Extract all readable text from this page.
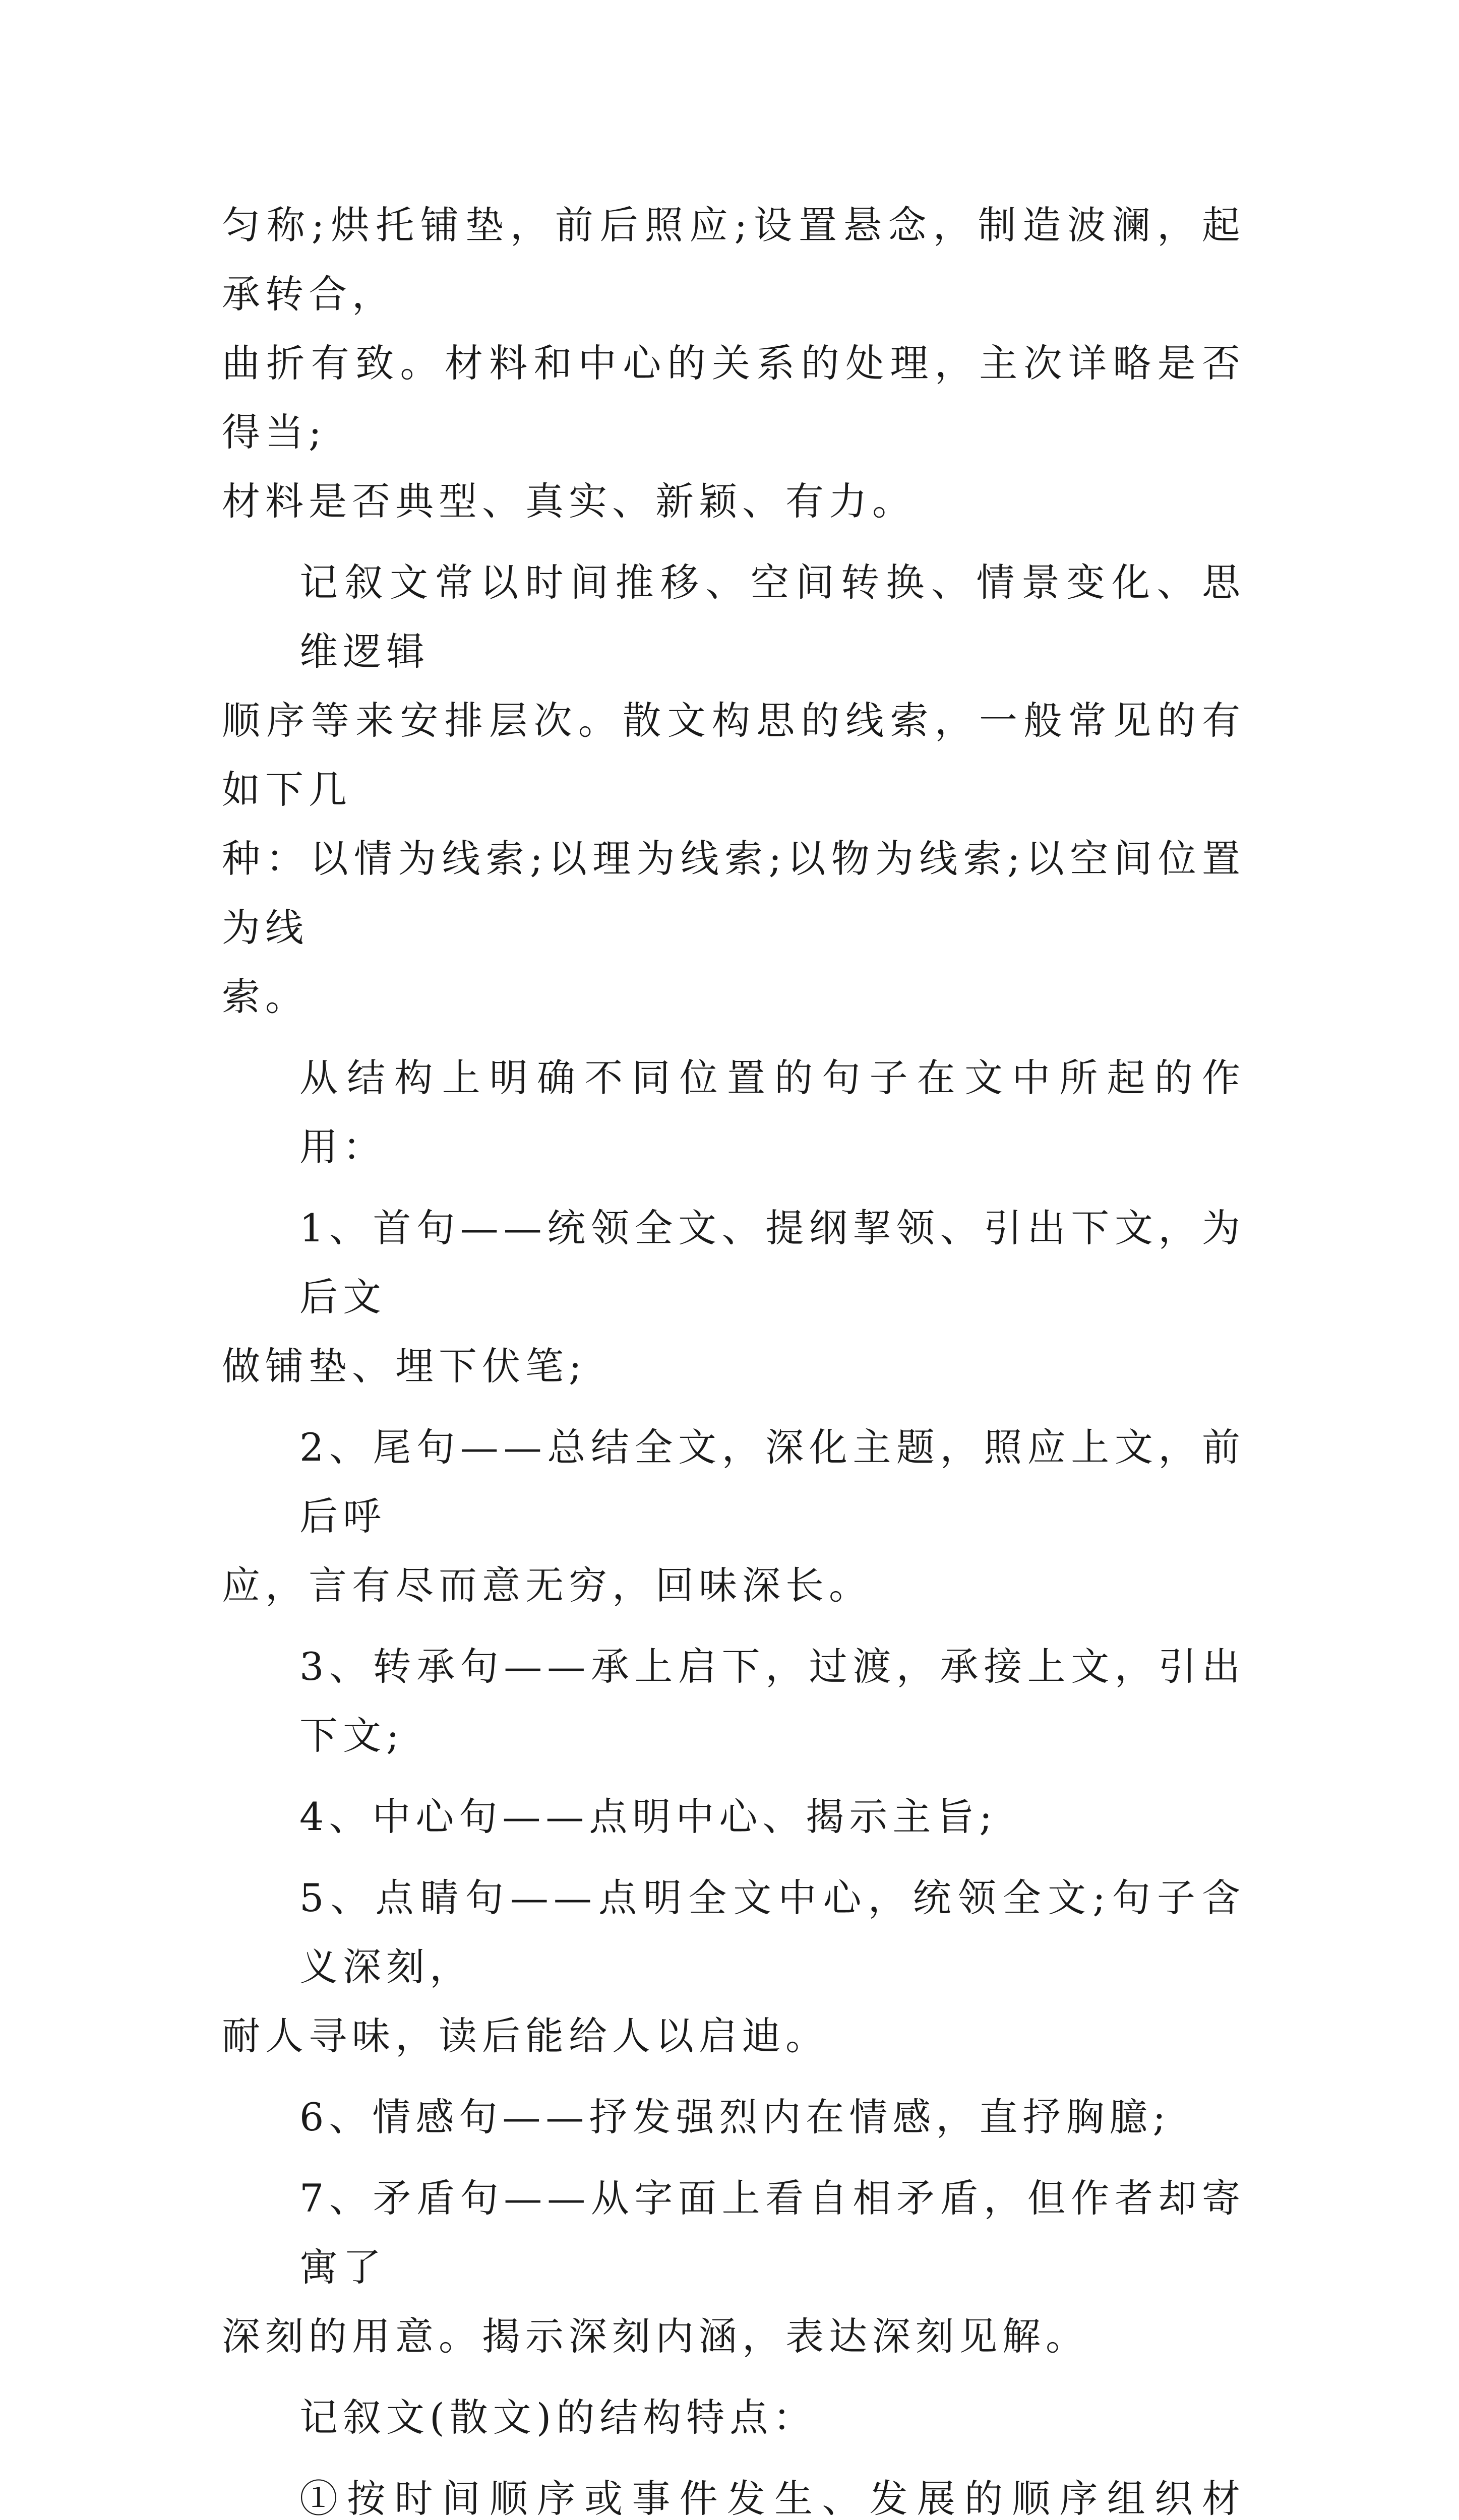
匀称;烘托铺垫，前后照应;设置悬念，制造波澜，起承转合，
曲折有致。材料和中心的关系的处理，主次详略是否得当;
材料是否典型、真实、新颖、有力。

记叙文常以时间推移、空间转换、情景变化、思维逻辑
顺序等来安排层次。散文构思的线索，一般常见的有如下几
种：以情为线索;以理为线索;以物为线索;以空间位置为线
索。

从结构上明确不同位置的句子在文中所起的作用：

1、首句——统领全文、提纲挈领、引出下文，为后文
做铺垫、埋下伏笔;

2、尾句——总结全文，深化主题，照应上文，前后呼
应，言有尽而意无穷，回味深长。

3、转承句——承上启下，过渡，承接上文，引出下文;

4、中心句——点明中心、揭示主旨;

5、点睛句——点明全文中心，统领全文;句子含义深刻，
耐人寻味，读后能给人以启迪。

6、情感句——抒发强烈内在情感，直抒胸臆;

7、矛盾句——从字面上看自相矛盾，但作者却寄寓了
深刻的用意。揭示深刻内涵，表达深刻见解。

记叙文(散文)的结构特点：

①按时间顺序或事件发生、发展的顺序组织材
